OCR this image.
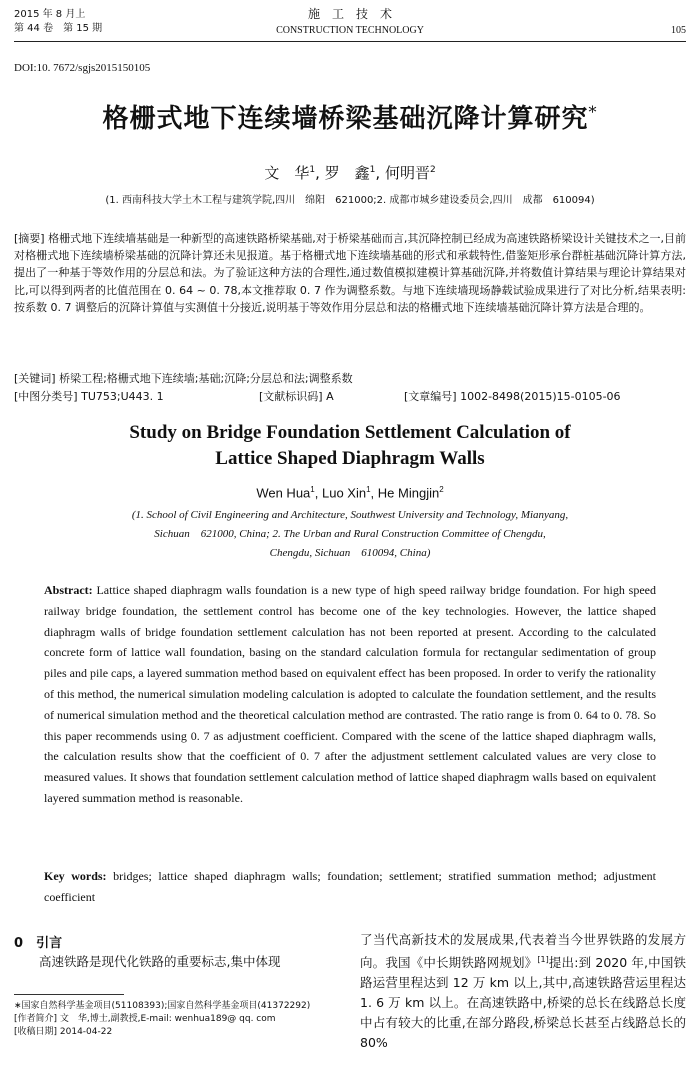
2015 年 8 月上
第 44 卷　第 15 期
施　工　技　术
CONSTRUCTION TECHNOLOGY	105
DOI:10. 7672/sgjs2015150105
格栅式地下连续墙桥梁基础沉降计算研究*
文　华$^1$, 罗　鑫$^1$, 何明晋$^2$
(1. 西南科技大学土木工程与建筑学院,四川　绵阳　621000;2. 成都市城乡建设委员会,四川　成都　610094)
[摘要] 格栅式地下连续墙基础是一种新型的高速铁路桥梁基础,对于桥梁基础而言,其沉降控制已经成为高速铁路桥梁设计关键技术之一,目前对格栅式地下连续墙桥梁基础的沉降计算还未见报道。基于格栅式地下连续墙基础的形式和承载特性,借鉴矩形承台群桩基础沉降计算方法,提出了一种基于等效作用的分层总和法。为了验证这种方法的合理性,通过数值模拟建模计算基础沉降,并将数值计算结果与理论计算结果对比,可以得到两者的比值范围在 0. 64 ~ 0. 78,本文推荐取 0. 7 作为调整系数。与地下连续墙现场静载试验成果进行了对比分析,结果表明:按系数 0. 7 调整后的沉降计算值与实测值十分接近,说明基于等效作用分层总和法的格栅式地下连续墙基础沉降计算方法是合理的。
[关键词] 桥梁工程;格栅式地下连续墙;基础;沉降;分层总和法;调整系数
[中图分类号] TU753;U443. 1	[文献标识码] A	[文章编号] 1002-8498(2015)15-0105-06
Study on Bridge Foundation Settlement Calculation of
Lattice Shaped Diaphragm Walls
Wen Hua$^1$, Luo Xin$^1$, He Mingjin$^2$
(1. School of Civil Engineering and Architecture, Southwest University and Technology, Mianyang,
Sichuan　621000, China; 2. The Urban and Rural Construction Committee of Chengdu,
Chengdu, Sichuan　610094, China)
Abstract: Lattice shaped diaphragm walls foundation is a new type of high speed railway bridge foundation. For high speed railway bridge foundation, the settlement control has become one of the key technologies. However, the lattice shaped diaphragm walls of bridge foundation settlement calculation has not been reported at present. According to the calculated concrete form of lattice wall foundation, basing on the standard calculation formula for rectangular sedimentation of group piles and pile caps, a layered summation method based on equivalent effect has been proposed. In order to verify the rationality of this method, the numerical simulation modeling calculation is adopted to calculate the foundation settlement, and the results of numerical simulation method and the theoretical calculation method are contrasted. The ratio range is from 0. 64 to 0. 78. So this paper recommends using 0. 7 as adjustment coefficient. Compared with the scene of the lattice shaped diaphragm walls, the calculation results show that the coefficient of 0. 7 after the adjustment settlement calculated values are very close to measured values. It shows that foundation settlement calculation method of lattice shaped diaphragm walls based on equivalent layered summation method is reasonable.
Key words: bridges; lattice shaped diaphragm walls; foundation; settlement; stratified summation method; adjustment coefficient
0　 引言
高速铁路是现代化铁路的重要标志,集中体现
∗国家自然科学基金项目(51108393);国家自然科学基金项目(41372292)
[作者简介] 文　华,博士,副教授,E-mail: wenhua189@ qq. com
[收稿日期] 2014-04-22
了当代高新技术的发展成果,代表着当今世界铁路的发展方向。我国《中长期铁路网规划》[1]提出:到 2020 年,中国铁路运营里程达到 12 万 km 以上,其中,高速铁路营运里程达 1. 6 万 km 以上。在高速铁路中,桥梁的总长在线路总长度中占有较大的比重,在部分路段,桥梁总长甚至占线路总长的 80%
